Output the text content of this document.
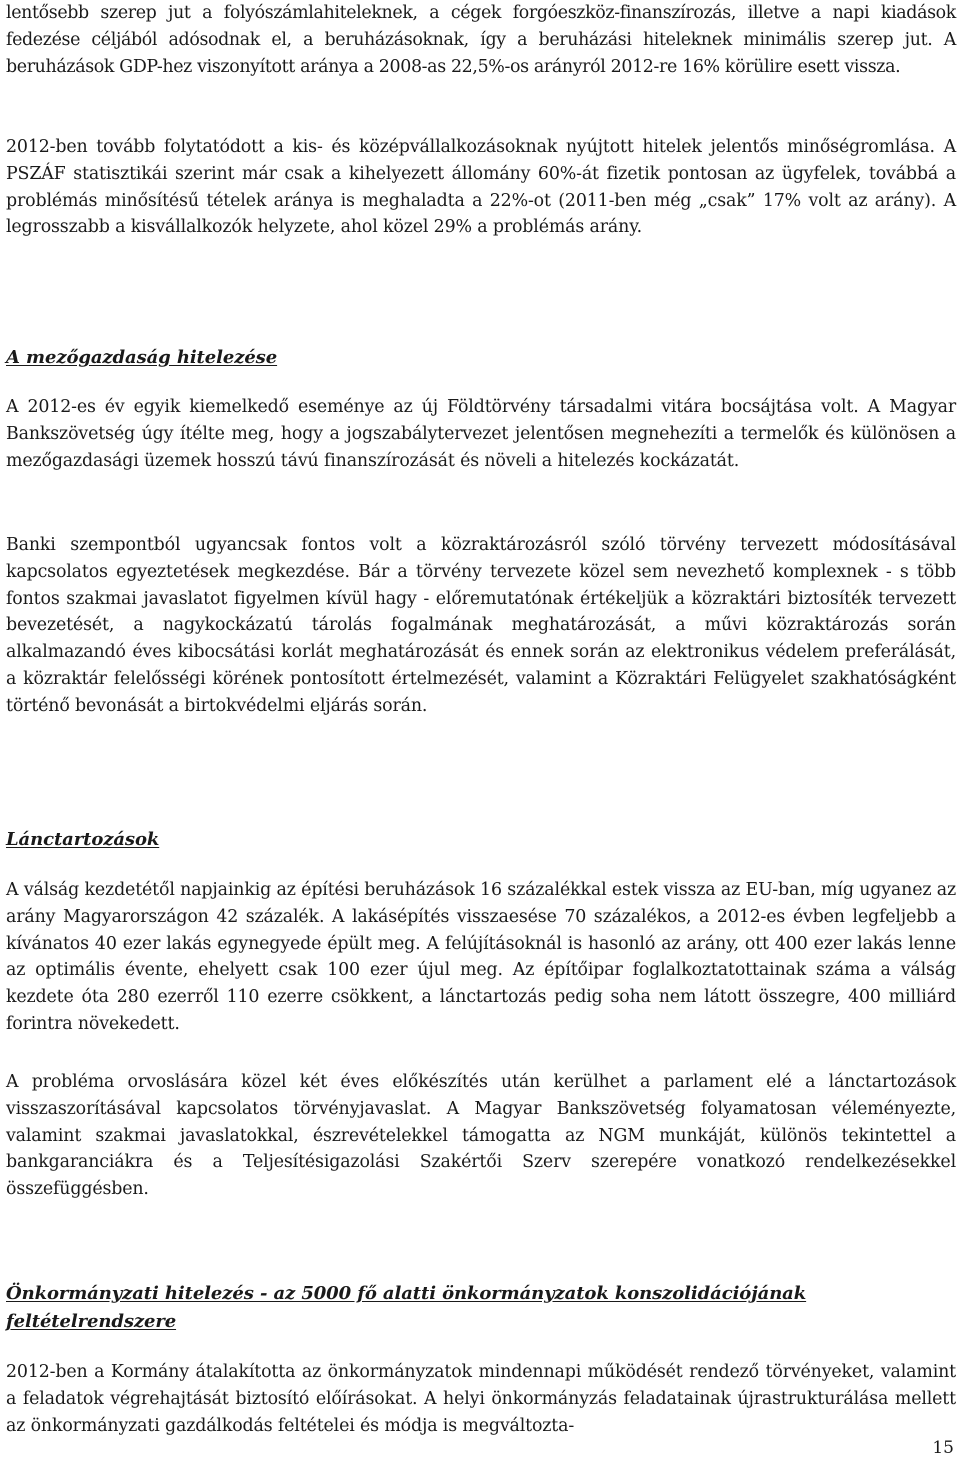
lentősebb szerep jut a folyószámlahiteleknek, a cégek forgóeszköz-finanszírozás, illetve a napi kiadások fedezése céljából adósodnak el, a beruházásoknak, így a beruházási hiteleknek minimális szerep jut. A beruházások GDP-hez viszonyított aránya a 2008-as 22,5%-os arányról 2012-re 16% körülire esett vissza.

2012-ben tovább folytatódott a kis- és középvállalkozásoknak nyújtott hitelek jelentős minőségromlása. A PSZÁF statisztikái szerint már csak a kihelyezett állomány 60%-át fizetik pontosan az ügyfelek, továbbá a problémás minősítésű tételek aránya is meghaladta a 22%-ot (2011-ben még „csak” 17% volt az arány). A legrosszabb a kisvállalkozók helyzete, ahol közel 29% a problémás arány.

A mezőgazdaság hitelezése

A 2012-es év egyik kiemelkedő eseménye az új Földtörvény társadalmi vitára bocsájtása volt. A Magyar Bankszövetség úgy ítélte meg, hogy a jogszabálytervezet jelentősen megnehezíti a termelők és különösen a mezőgazdasági üzemek hosszú távú finanszírozását és növeli a hitelezés kockázatát.

Banki szempontból ugyancsak fontos volt a közraktározásról szóló törvény tervezett módosításával kapcsolatos egyeztetések megkezdése. Bár a törvény tervezete közel sem nevezhető komplexnek - s több fontos szakmai javaslatot figyelmen kívül hagy - előremutatónak értékeljük a közraktári biztosíték tervezett bevezetését, a nagykockázatú tárolás fogalmának meghatározását, a művi közraktározás során alkalmazandó éves kibocsátási korlát meghatározását és ennek során az elektronikus védelem preferálását, a közraktár felelősségi körének pontosított értelmezését, valamint a Közraktári Felügyelet szakhatóságként történő bevonását a birtokvédelmi eljárás során.

Lánctartozások

A válság kezdetétől napjainkig az építési beruházások 16 százalékkal estek vissza az EU-ban, míg ugyanez az arány Magyarországon 42 százalék. A lakásépítés visszaesése 70 százalékos, a 2012-es évben legfeljebb a kívánatos 40 ezer lakás egynegyede épült meg. A felújításoknál is hasonló az arány, ott 400 ezer lakás lenne az optimális évente, ehelyett csak 100 ezer újul meg. Az építőipar foglalkoztatottainak száma a válság kezdete óta 280 ezerről 110 ezerre csökkent, a lánctartozás pedig soha nem látott összegre, 400 milliárd forintra növekedett.

A probléma orvoslására közel két éves előkészítés után kerülhet a parlament elé a lánctartozások visszaszorításával kapcsolatos törvényjavaslat. A Magyar Bankszövetség folyamatosan véleményezte, valamint szakmai javaslatokkal, észrevételekkel támogatta az NGM munkáját, különös tekintettel a bankgaranciákra és a Teljesítésigazolási Szakértői Szerv szerepére vonatkozó rendelkezésekkel összefüggésben.

Önkormányzati hitelezés - az 5000 fő alatti önkormányzatok konszolidációjának feltételrendszere

2012-ben a Kormány átalakította az önkormányzatok mindennapi működését rendező törvényeket, valamint a feladatok végrehajtását biztosító előírásokat. A helyi önkormányzás feladatainak újrastrukturálása mellett az önkormányzati gazdálkodás feltételei és módja is megváltozta-

15
